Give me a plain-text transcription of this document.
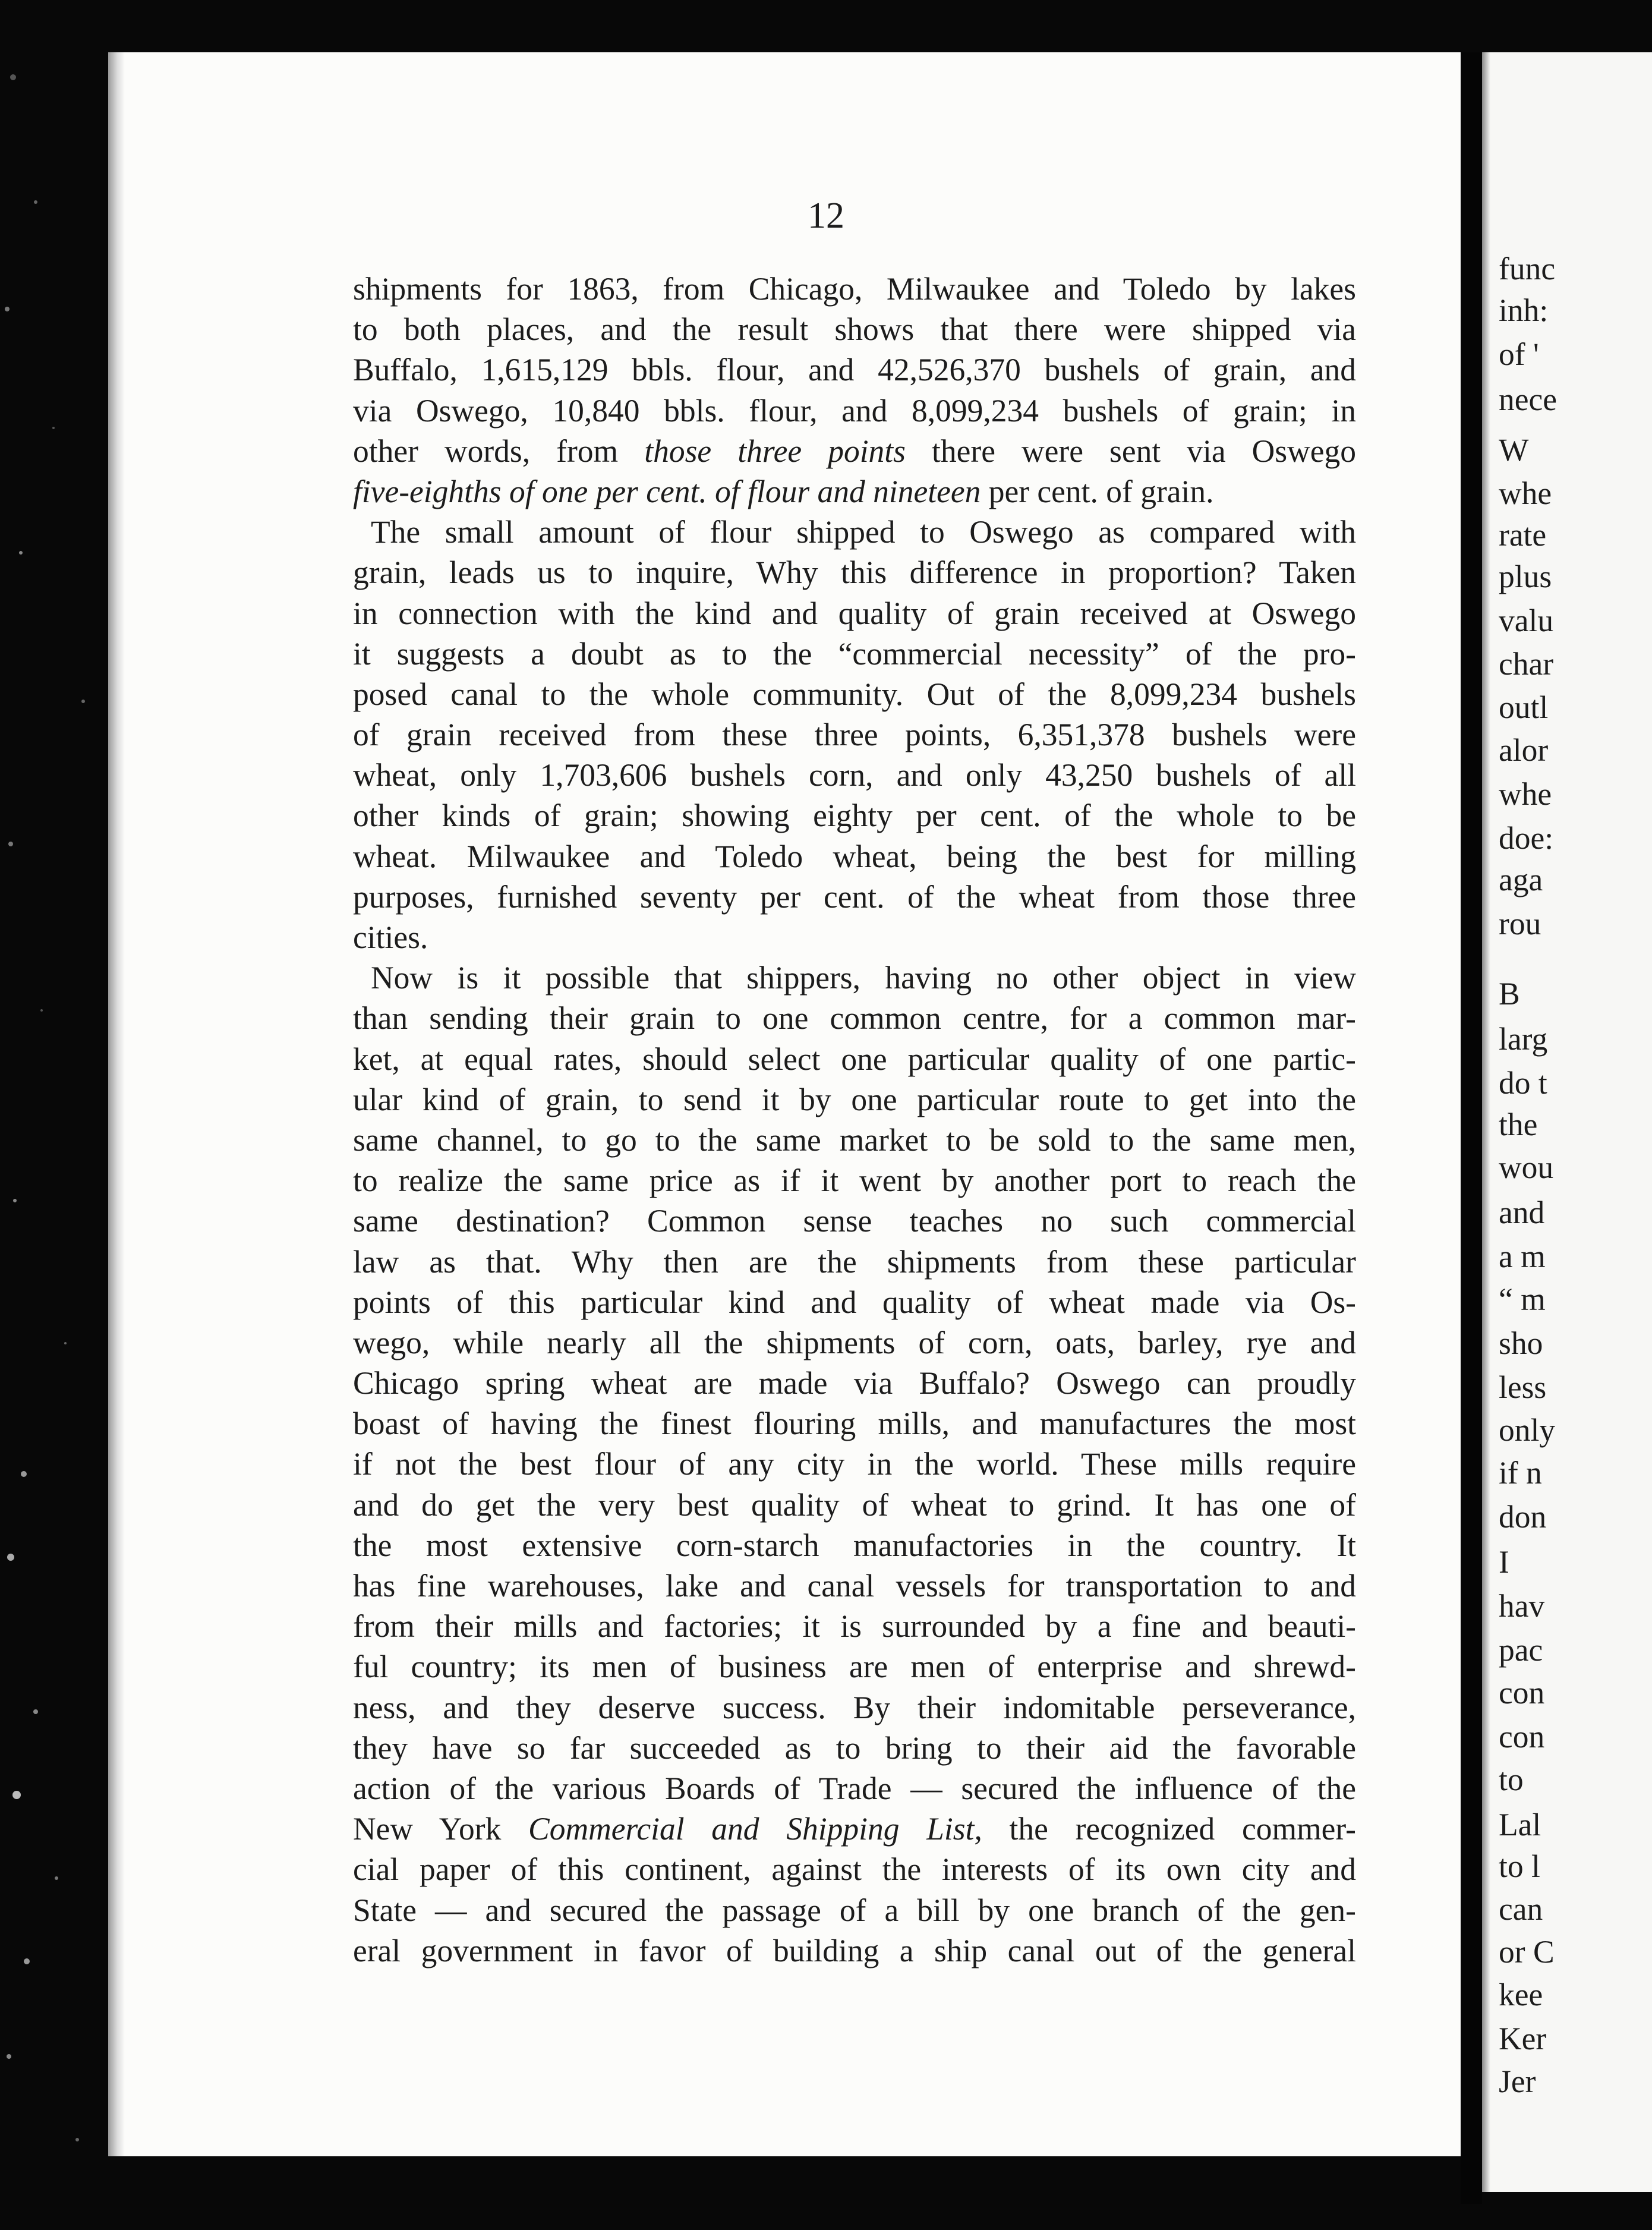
12
shipments for 1863, from Chicago, Milwaukee and Toledo by lakes
to both places, and the result shows that there were shipped via
Buffalo, 1,615,129 bbls. flour, and 42,526,370 bushels of grain, and
via Oswego, 10,840 bbls. flour, and 8,099,234 bushels of grain; in
other words, from those three points there were sent via Oswego
five-eighths of one per cent. of flour and nineteen per cent. of grain.
The small amount of flour shipped to Oswego as compared with
grain, leads us to inquire, Why this difference in proportion? Taken
in connection with the kind and quality of grain received at Oswego
it suggests a doubt as to the “commercial necessity” of the pro-
posed canal to the whole community. Out of the 8,099,234 bushels
of grain received from these three points, 6,351,378 bushels were
wheat, only 1,703,606 bushels corn, and only 43,250 bushels of all
other kinds of grain; showing eighty per cent. of the whole to be
wheat. Milwaukee and Toledo wheat, being the best for milling
purposes, furnished seventy per cent. of the wheat from those three
cities.
Now is it possible that shippers, having no other object in view
than sending their grain to one common centre, for a common mar-
ket, at equal rates, should select one particular quality of one partic-
ular kind of grain, to send it by one particular route to get into the
same channel, to go to the same market to be sold to the same men,
to realize the same price as if it went by another port to reach the
same destination? Common sense teaches no such commercial
law as that. Why then are the shipments from these particular
points of this particular kind and quality of wheat made via Os-
wego, while nearly all the shipments of corn, oats, barley, rye and
Chicago spring wheat are made via Buffalo? Oswego can proudly
boast of having the finest flouring mills, and manufactures the most
if not the best flour of any city in the world. These mills require
and do get the very best quality of wheat to grind. It has one of
the most extensive corn-starch manufactories in the country. It
has fine warehouses, lake and canal vessels for transportation to and
from their mills and factories; it is surrounded by a fine and beauti-
ful country; its men of business are men of enterprise and shrewd-
ness, and they deserve success. By their indomitable perseverance,
they have so far succeeded as to bring to their aid the favorable
action of the various Boards of Trade — secured the influence of the
New York Commercial and Shipping List, the recognized commer-
cial paper of this continent, against the interests of its own city and
State — and secured the passage of a bill by one branch of the gen-
eral government in favor of building a ship canal out of the general
func
inh:
of '
nece
W
whe
rate
plus
valu
char
outl
alor
whe
doe:
aga
rou
B
larg
do t
the
wou
and
a m
“ m
sho
less
only
if n
don
I
hav
pac
con
con
to
Lal
to l
can
or C
kee
Ker
Jer
